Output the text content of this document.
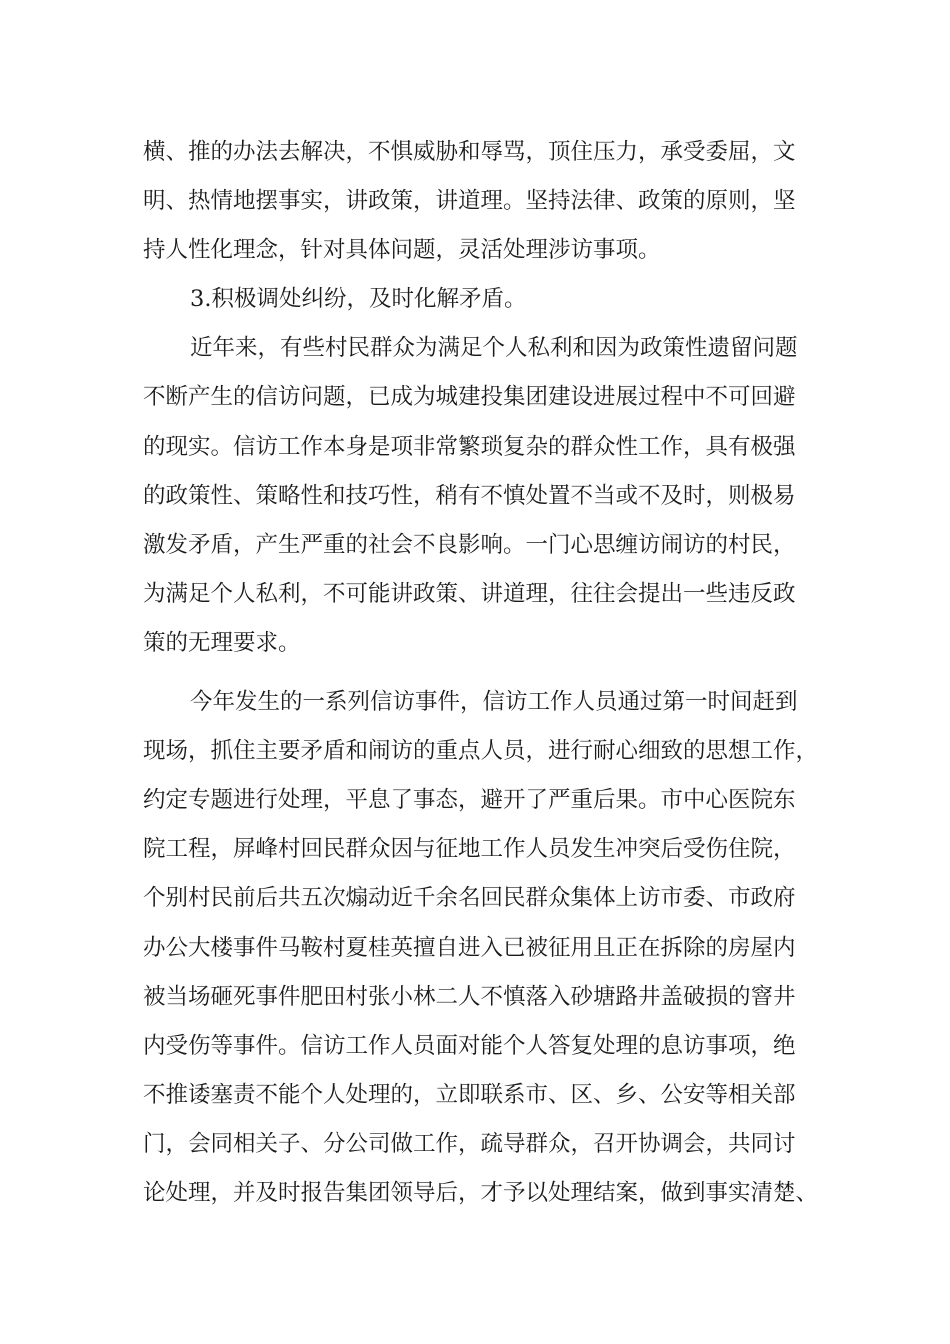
横、推的办法去解决，不惧威胁和辱骂，顶住压力，承受委屈，文
明、热情地摆事实，讲政策，讲道理。坚持法律、政策的原则，坚
持人性化理念，针对具体问题，灵活处理涉访事项。
3.积极调处纠纷，及时化解矛盾。
近年来，有些村民群众为满足个人私利和因为政策性遗留问题
不断产生的信访问题，已成为城建投集团建设进展过程中不可回避
的现实。信访工作本身是项非常繁琐复杂的群众性工作，具有极强
的政策性、策略性和技巧性，稍有不慎处置不当或不及时，则极易
激发矛盾，产生严重的社会不良影响。一门心思缠访闹访的村民，
为满足个人私利，不可能讲政策、讲道理，往往会提出一些违反政
策的无理要求。
今年发生的一系列信访事件，信访工作人员通过第一时间赶到
现场，抓住主要矛盾和闹访的重点人员，进行耐心细致的思想工作，
约定专题进行处理，平息了事态，避开了严重后果。市中心医院东
院工程，屏峰村回民群众因与征地工作人员发生冲突后受伤住院，
个别村民前后共五次煽动近千余名回民群众集体上访市委、市政府
办公大楼事件马鞍村夏桂英擅自进入已被征用且正在拆除的房屋内
被当场砸死事件肥田村张小林二人不慎落入砂塘路井盖破损的窨井
内受伤等事件。信访工作人员面对能个人答复处理的息访事项，绝
不推诿塞责不能个人处理的，立即联系市、区、乡、公安等相关部
门，会同相关子、分公司做工作，疏导群众，召开协调会，共同讨
论处理，并及时报告集团领导后，才予以处理结案，做到事实清楚、
